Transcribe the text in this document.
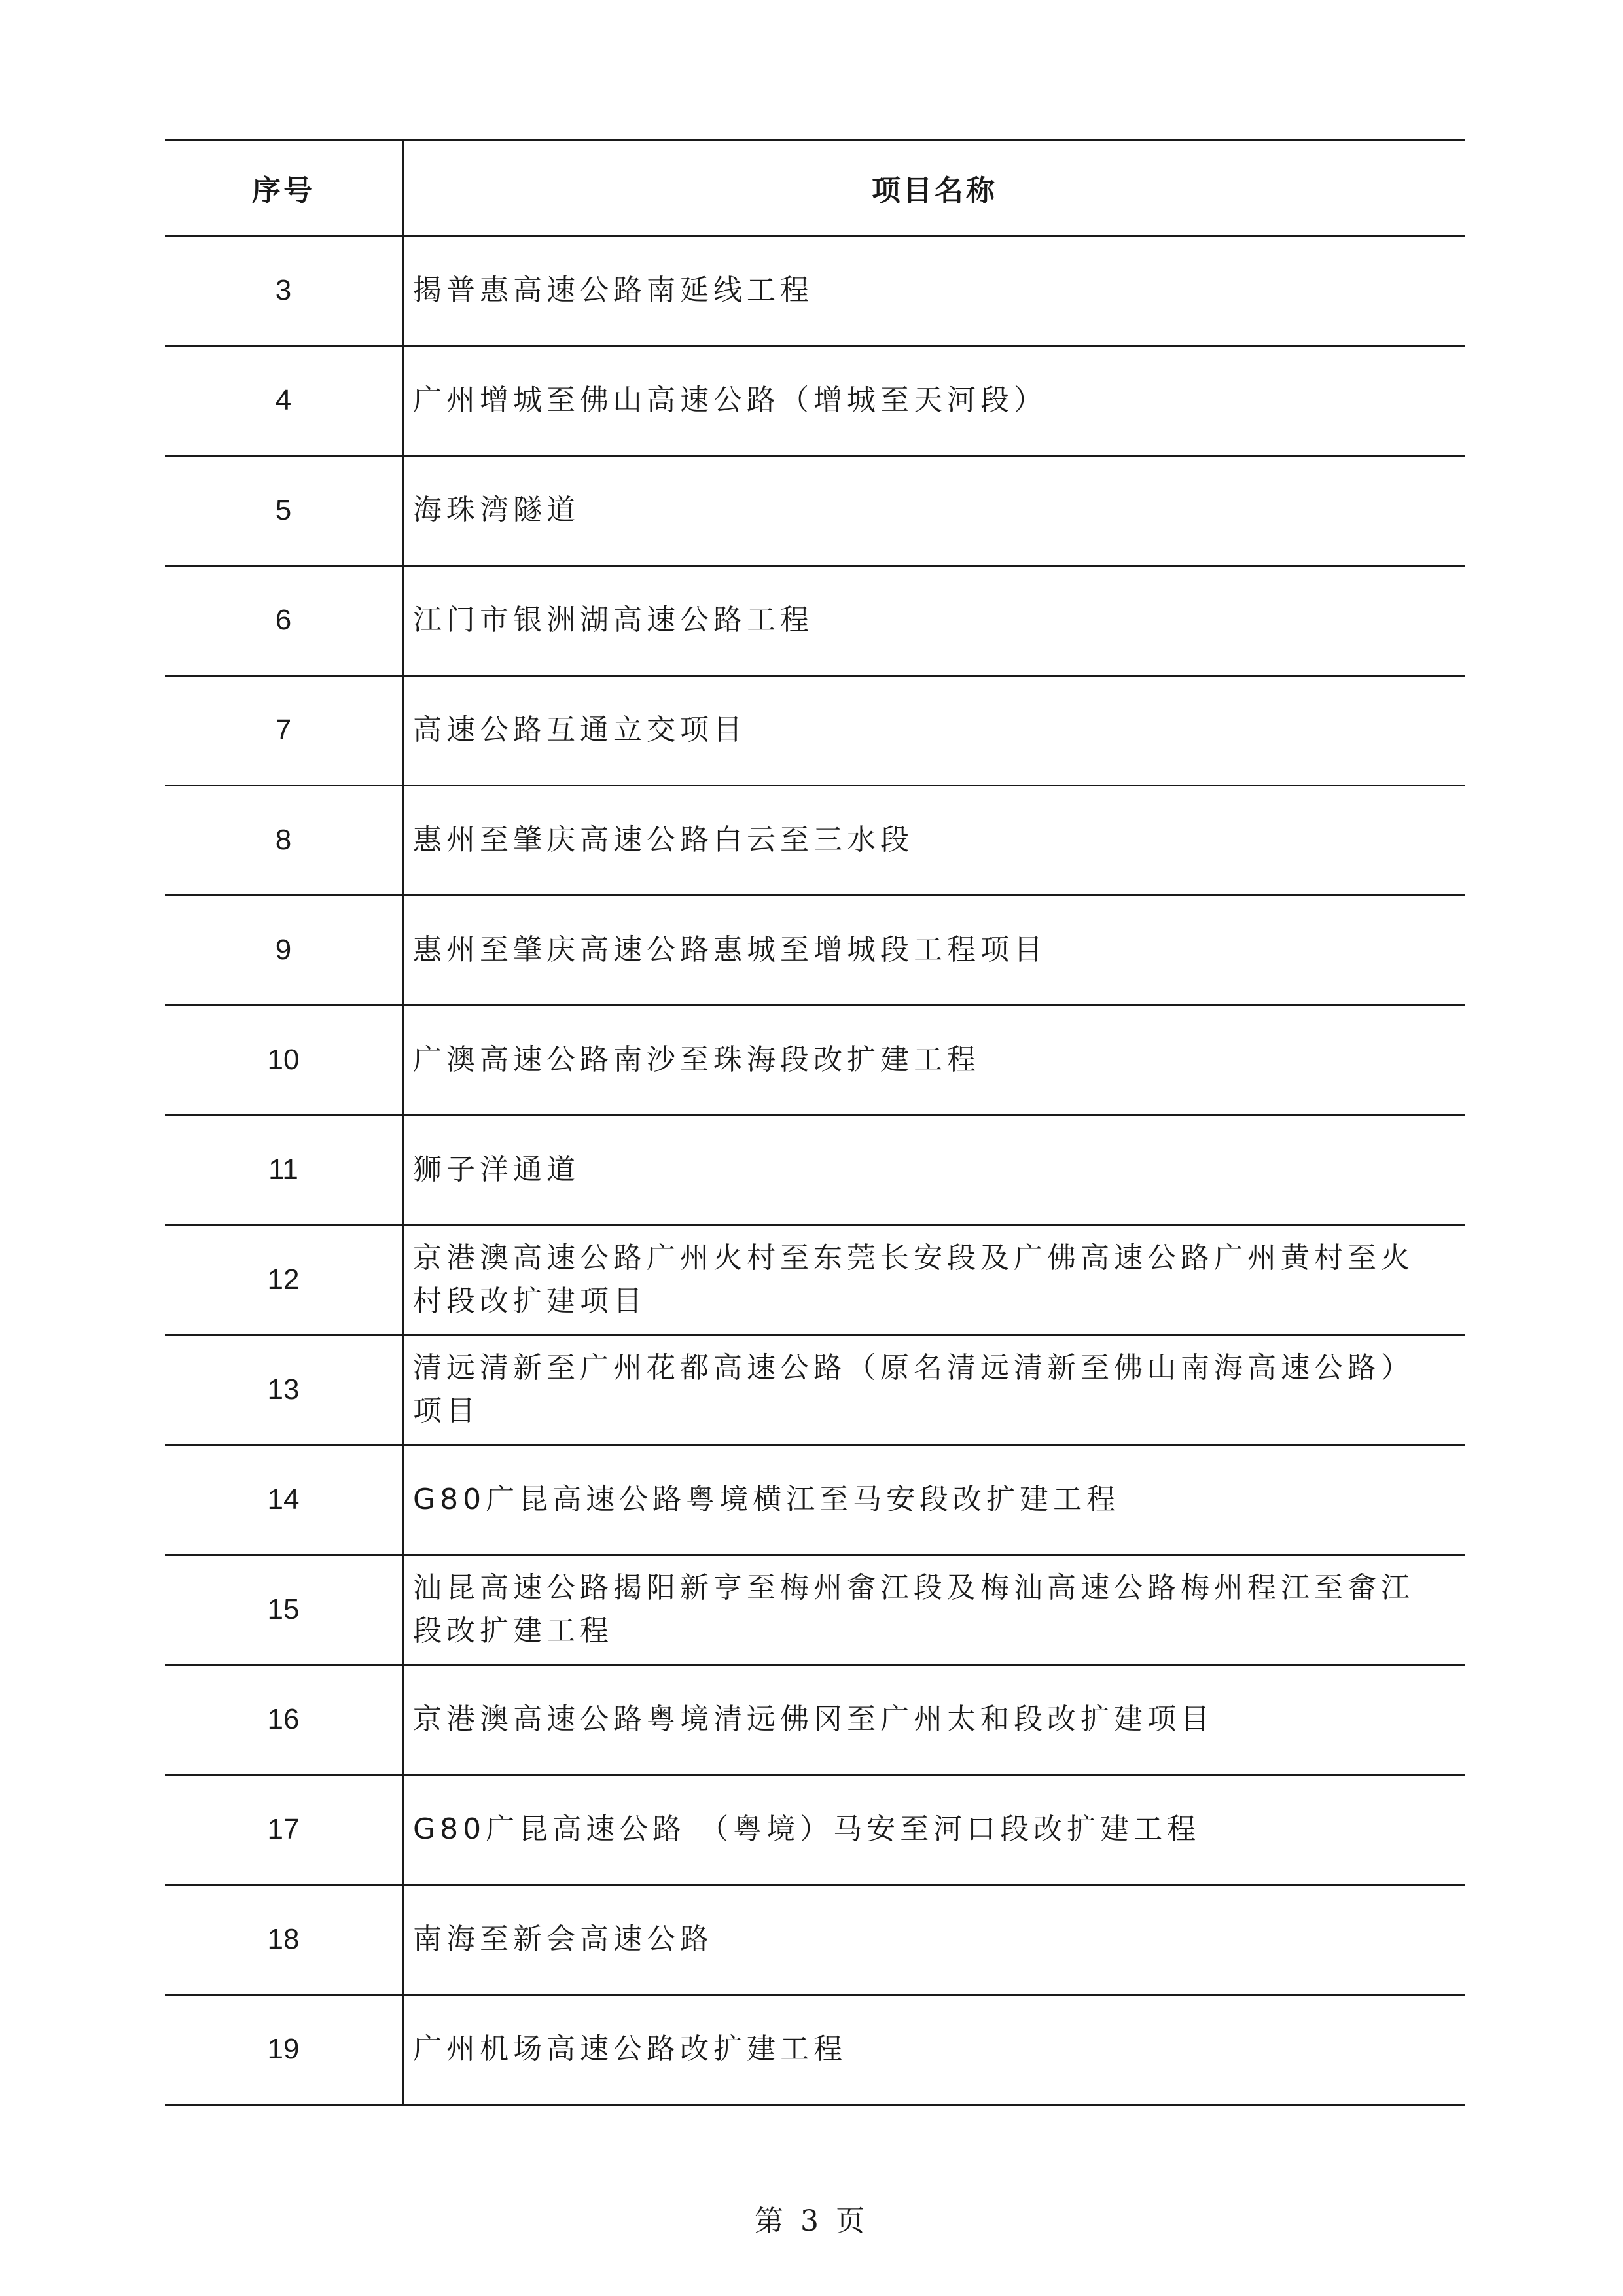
序号	项目名称
3	揭普惠高速公路南延线工程
4	广州增城至佛山高速公路（增城至天河段）
5	海珠湾隧道
6	江门市银洲湖高速公路工程
7	高速公路互通立交项目
8	惠州至肇庆高速公路白云至三水段
9	惠州至肇庆高速公路惠城至增城段工程项目
10	广澳高速公路南沙至珠海段改扩建工程
11	狮子洋通道
12	京港澳高速公路广州火村至东莞长安段及广佛高速公路广州黄村至火村段改扩建项目
13	清远清新至广州花都高速公路（原名清远清新至佛山南海高速公路）项目
14	G80广昆高速公路粤境横江至马安段改扩建工程
15	汕昆高速公路揭阳新亨至梅州畲江段及梅汕高速公路梅州程江至畲江段改扩建工程
16	京港澳高速公路粤境清远佛冈至广州太和段改扩建项目
17	G80广昆高速公路 （粤境）马安至河口段改扩建工程
18	南海至新会高速公路
19	广州机场高速公路改扩建工程
第 3 页
